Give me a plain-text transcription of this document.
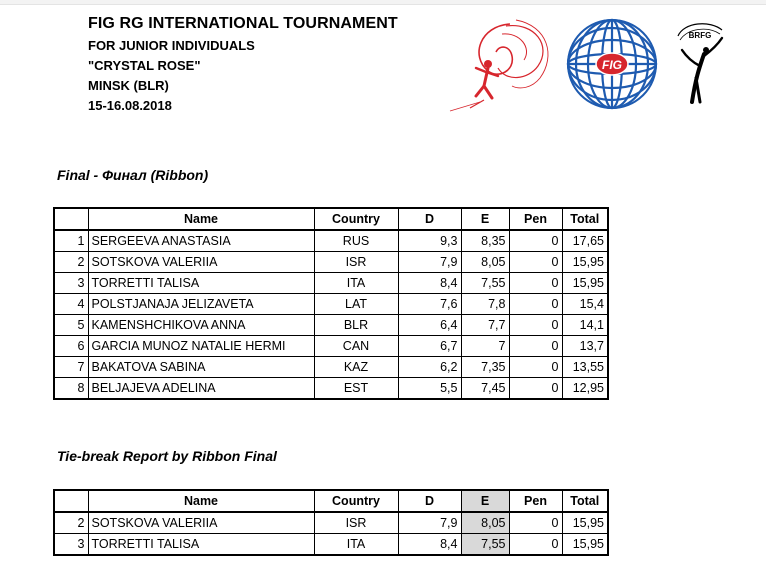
FIG RG INTERNATIONAL TOURNAMENT
FOR JUNIOR INDIVIDUALS
"CRYSTAL ROSE"
MINSK (BLR)
15-16.08.2018
FIG
BRFG
Final - Финал (Ribbon)
	Name	Country	D	E	Pen	Total
1	SERGEEVA ANASTASIA	RUS	9,3	8,35	0	17,65
2	SOTSKOVA VALERIIA	ISR	7,9	8,05	0	15,95
3	TORRETTI TALISA	ITA	8,4	7,55	0	15,95
4	POLSTJANAJA JELIZAVETA	LAT	7,6	7,8	0	15,4
5	KAMENSHCHIKOVA ANNA	BLR	6,4	7,7	0	14,1
6	GARCIA MUNOZ NATALIE HERMI	CAN	6,7	7	0	13,7
7	BAKATOVA SABINA	KAZ	6,2	7,35	0	13,55
8	BELJAJEVA ADELINA	EST	5,5	7,45	0	12,95
Tie-break Report by Ribbon Final
	Name	Country	D	E	Pen	Total
2	SOTSKOVA VALERIIA	ISR	7,9	8,05	0	15,95
3	TORRETTI TALISA	ITA	8,4	7,55	0	15,95
